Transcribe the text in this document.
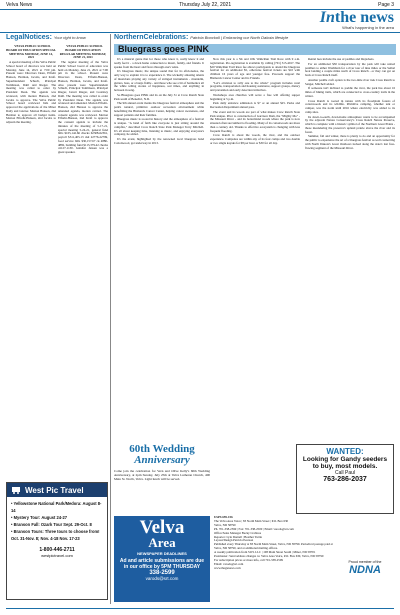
Velva News	Thursday July 22, 2021	Page 3
Inthe news
What's happening in the area
LegalNotices: Your right to know	NorthernCelebrations: Patricia Boockoll | Embracing our North Dakota lifestyle

VELVA PUBLIC SCHOOL BOARD OF EDUCATION SPECIAL MEETING MONDAY, JUNE 14, 2021

A special meeting of the Velva Public School board of directors was held on Monday, June 14, 2021 at 7:00 pm. Present were: Directors Dean, Elfrehr Hanson, Herman, Jacobs, and Kraft. Superintendent Schuch, Principal Tomlinson, Dahl and Rieger. The meeting was called to order by President Dean. The agenda was reviewed, with motion Hanson, 2nd Jacobs to approve. The Velva Public School board reviewed bids and approved the applications of the Minot Daily and Glacier. Motion Hanson, 2nd Herman to approve all budget items. Motion Elfrehr-Hanson, 2nd Jacobs to adjourn the meeting.

VELVA PUBLIC SCHOOL BOARD OF EDUCATION REGULAR MEETING MONDAY, JUNE 21, 2021

The regular meeting of the Velva Public School board of education was held on Monday, June 21, 2021 at 7:00 pm in the school. Present were Directors Dean, Elfrehr-Hanson, Hanson, Herman, Jacobs, and Kraft. Also present were Superintendent Schuch, Principal Tomlinson, Principal Rieger, Jarrett Rieger, and Courtney Dahl. The meeting was called to order by President Dean. The agenda was reviewed and amended. Motion Elfrehr-Hanson, 2nd Hanson to approve the amended agenda, motion carried. The consent agenda was reviewed. Motion Elfrehr-Hanson, 2nd Kraft to approve the consent agenda to include the minutes of the meeting of 5-17-21, special meeting 5-24-21, general fund bills $105,142.66 checks 62308-62361, payroll $511,405.13 ck# 22776-22799, food service bills $30,157.67 ck 4880-4882, building fund $113,379.42 checks 41127-1130. Jennifer Jensen was a guest speaker.

Bluegrass goes PINK

It's a musical genre that for those who know it, really know it and really feel it - a down home connection to music, family, and friends. It speaks from the heart and flows through one's veins.

It's bluegrass music, the unique sound that for its aficionados, the only way to explain it is to experience it. The wickedly amazing talents of musicians playing any variety of stringed instruments - mandolin, guitars, bass, or a banjo fiddle - and those who see a bit of harmonica all the while telling stories of happiness, sad times, and anything in between in song.

So Bluegrass goes PINK and its on the July 31 at Crow Ranch State Park south of Benedict, N.D.

The 9th annual event marks the bluegrass festival atmosphere and the park's natural, primitive outdoor recreation environment while benefitting the Bismarck Cancer Center, helping cancer awareness, and support patients and their families.

Bluegrass music is rooted in history and the atmosphere of a festival is unique. "A band of faith like everyone is just sitting around the campfire," described Crow Ranch State Park Manager Terry Mitchell. It's all about keeping time, listening to music, and enjoying everyone's company, he added.

It's the event, highlighted by the renowned local bluegrass band Cottonwood, got underway in 2013.

Now this year is a 5K and 10K Walk/Run Trail Race with 9 a.m. registration. Pre-registration is available by calling (701) 315-4917. The $20 Walk/Run Trail Race fee allows participants to attend the bluegrass festival for an additional $5, otherwise festival tickets are $10 with children 16 years of age and younger free. Proceeds support the Bismarck Cancer Center and its Friends.

"Let's envision to rally one to the whole" program includes rural programs, transportation and housing assistance, support groups, dietary and prevention and early detection initiatives.

Workshops area churches will serve a free will offering supper beginning at 5 p.m.

Park daily entrance admission is $7 or an annual $25. Parks and Recreation Department annual pass.

The event and its woods are part of what makes Crow Ranch State Park unique. Prior to construction of Garrison Dam, the "Mighty Mo" - the Missouri River - and its bottomland woods where the park is now situated often succumbed to flooding. Many of its cottonwoods are more than a century old. Thanks to effective ecosystem is changing with less frequent flooding.

Crow Ranch is about the woods, the river, and the outdoor experience. Campsites are within any of its four camps and two double or two single kayaks for $8 per hour or $30 for all day.

Rental fees include the use of paddles and lifejackets.

For an additional $30 transportation by the park will take rented paddlers to either Washburn for a river tour of nine miles or the Seibel boat landing a couple miles north of Cross Ranch - or they can get on back at Cross Ranch itself.

Another paddle craft option is the two-mile river trek Cross Ranch to Sanger, Mitchell added.

If someone isn't inclined to paddle the river, the park has about 16 miles of hiking trails, which are connected to cross-country trails in the winter.

Cross Ranch is rooted in nature with its floodplain forests of cottonwoods and its wildlife. Primitive camping, whether tent or camper, was the norm until 2016 where electricity was added to its camp sites.

Its down-to-earth, down-home atmosphere wants to be accompanied by the adjacent Nature Conservancy's Cross Ranch Nature Preserve, which is complete with a historic symbol of the Northern Great Plains - those meandering the preserve's upland prairie above the river and its forest.

Summer, fall and winter, there is plenty to do and an opportunity for the public to experience the art of a bluegrass festival as well connecting with North Dakota's Great Outdoors tucked along the state's last free-flowing segment of the Missouri River.

West Pic Travel
• Yellowstone National Park/Medora: August 8-14
• Mystery Tour: August 24-27
• Branson Fall: Ozark Tour Sept. 29-Oct. 8
• Branson Tours: Three tours to choose from! Oct. 31-Nov. 8; Nov. 4-18 Nov. 17-23
1-800-446-2711
westpictravel.com
60th Wedding
Anniversary
Come join the celebration for Vern and Olive Kelly's 60th Wedding Anniversary, at 2pm Sunday, July 25th at Velva Lutheran Church, 400 Main St. North, Velva. Light lunch will be served.
Velva
Area
NEWSPAPER DEADLINES
Ad and article submissions are due in our office by 5PM THURSDAY
338-2599
varods@srt.com
WANTED:
Looking for Gandy seeders to buy, most models.
Call Paul
763-286-2037
USPS 659-156
The Velva Area Voice | 83 North Main Street | P.O. Box 630
Velva, ND 58790
Ph. 701-338-2599 | Fax: 701-338-2500 | Email: varods@srt.com
Office/Sales Manager Becky Crabtree
Reporter: Lyle Darnell | Heather Tuttle
Layout/Design Patricia Pearson
Published every Thursday at 83 North Main Street, Velva, ND 58790. Periodical postage paid at Velva, ND 58790, and at additional mailing offices.
A weekly publication from SWL LLC | 108 Main Street South | Minot, ND 58701
Postmaster: Send address changes to: Velva Area Voice, P.O. Box 630, Velva, ND 58790
For subscription prices or more info, call 701-338-2599
Email: varods@srt.com
www.thegunews.com
Proud member of the
NDNA
